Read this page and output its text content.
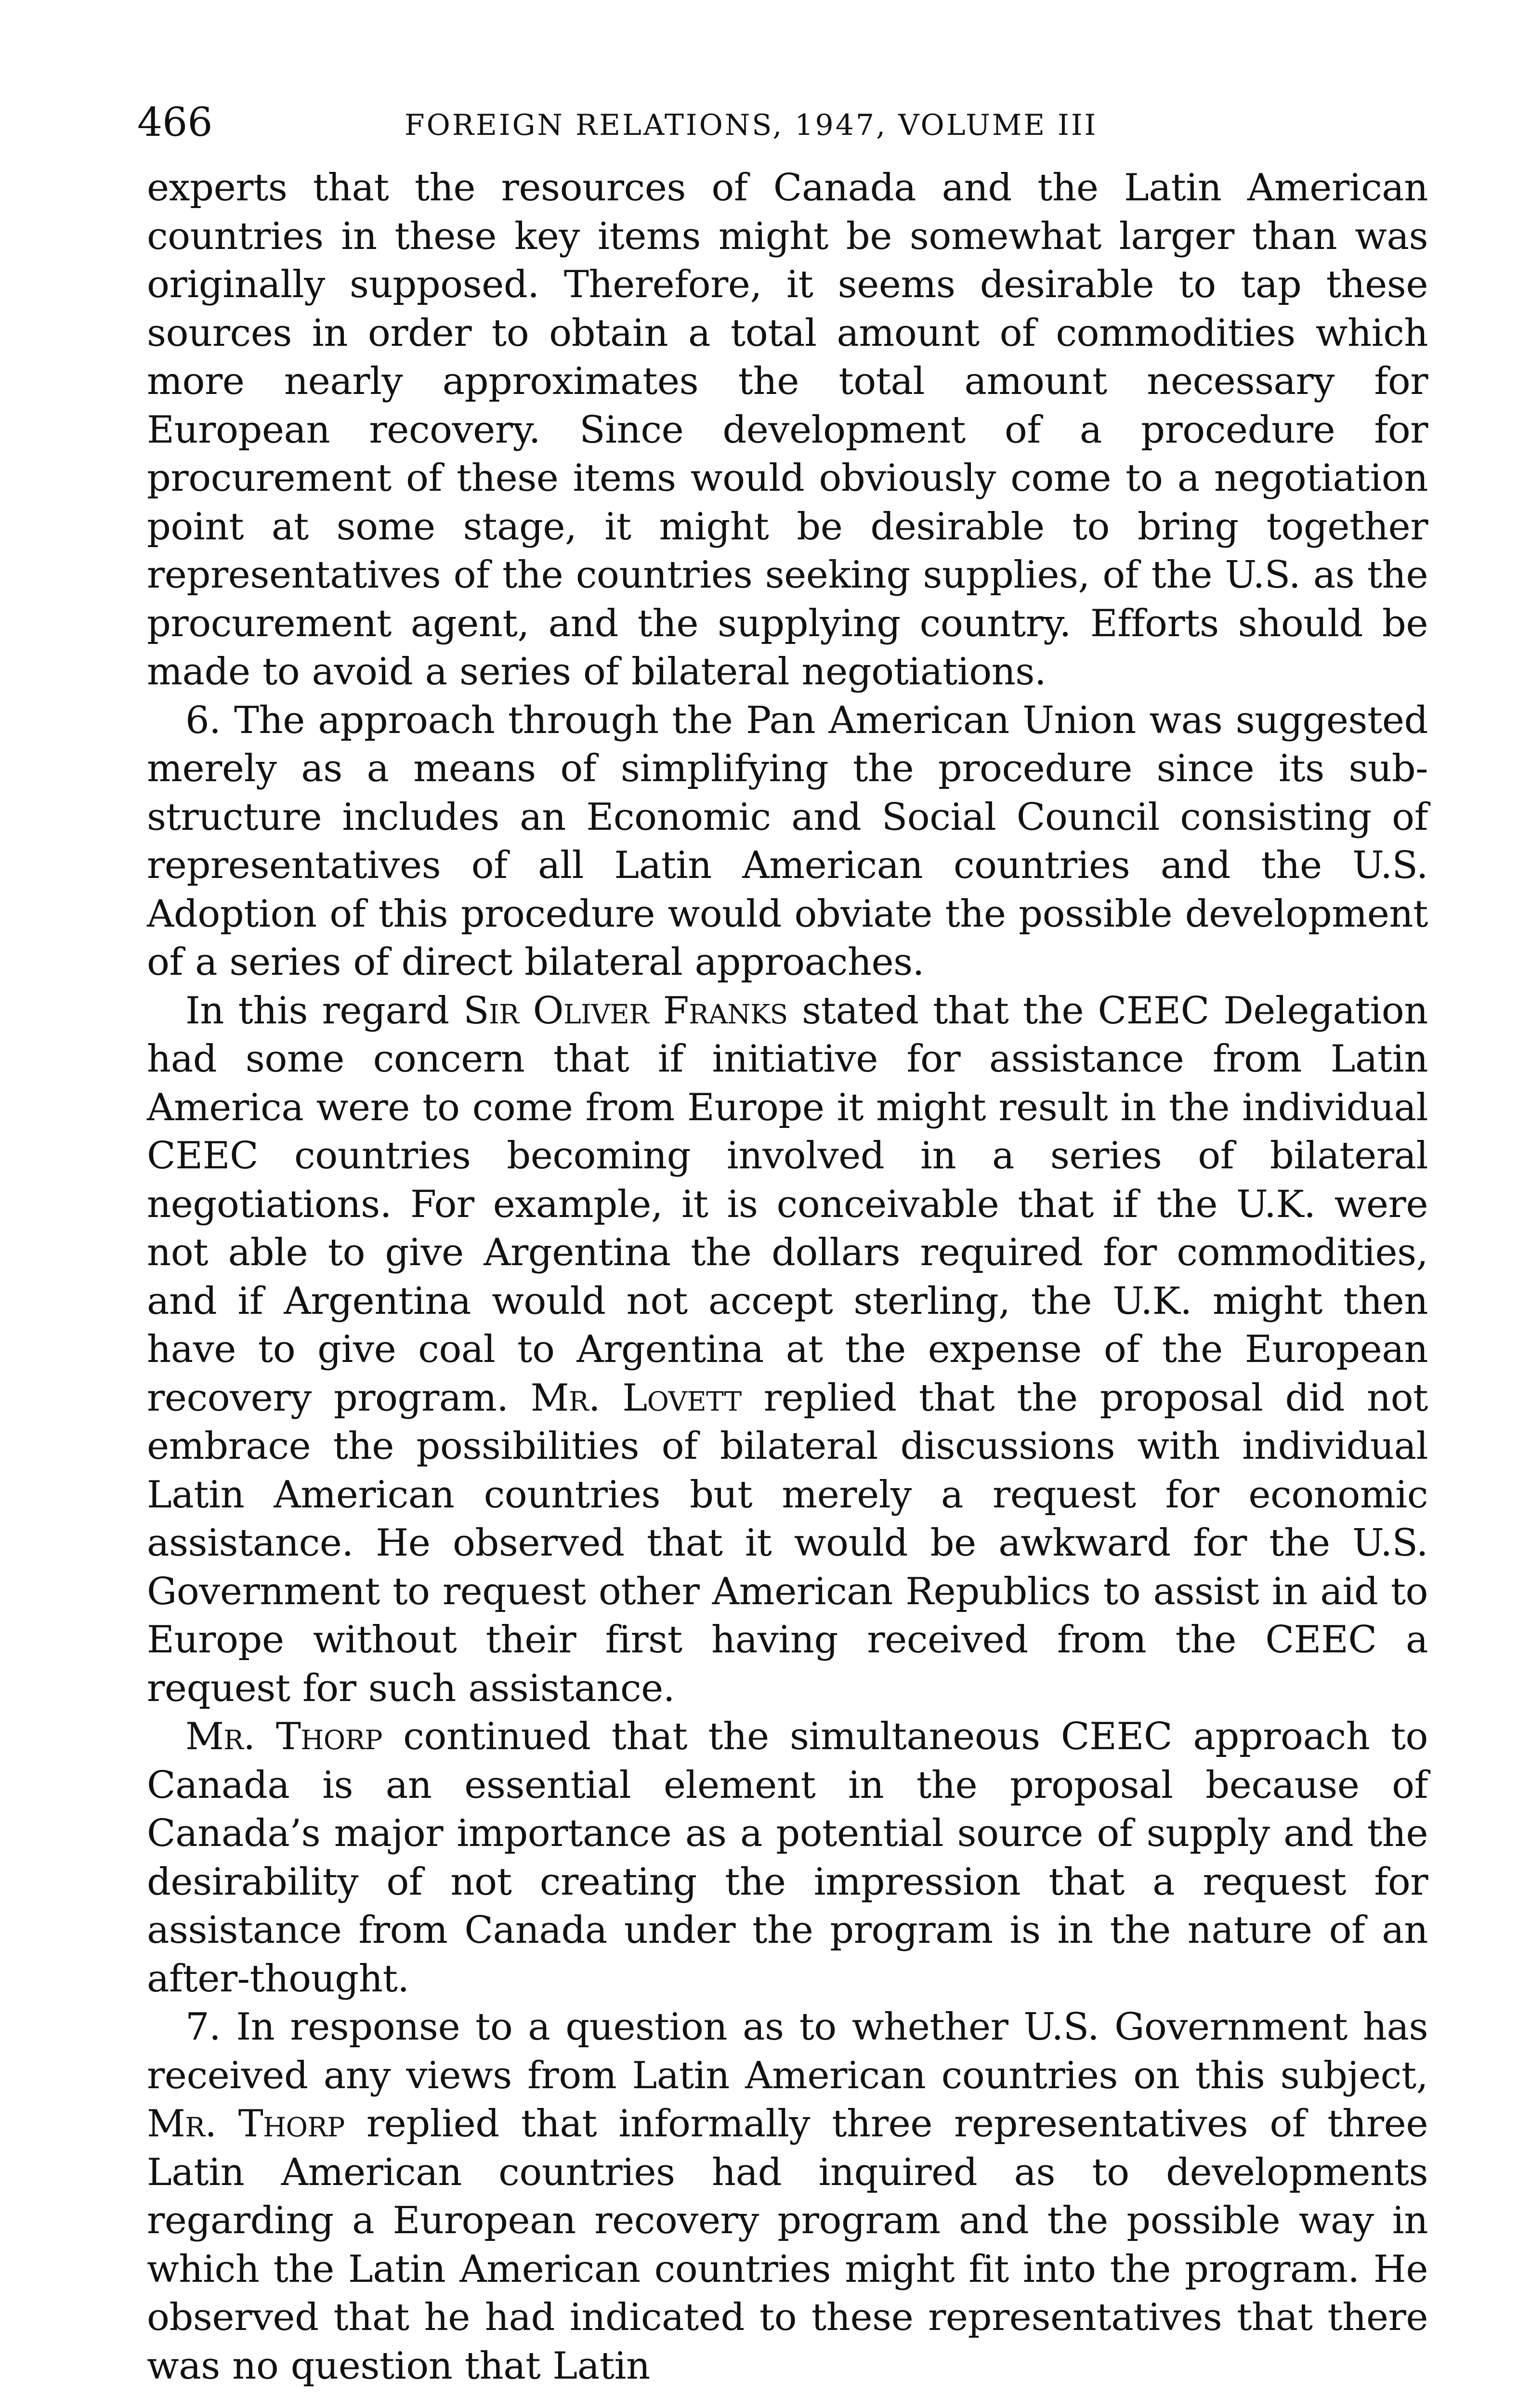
466	FOREIGN RELATIONS, 1947, VOLUME III

experts that the resources of Canada and the Latin American countries in these key items might be somewhat larger than was originally supposed. Therefore, it seems desirable to tap these sources in order to obtain a total amount of commodities which more nearly approximates the total amount necessary for European recovery. Since development of a procedure for procurement of these items would obviously come to a negotiation point at some stage, it might be desirable to bring together representatives of the countries seeking supplies, of the U.S. as the procurement agent, and the supplying country. Efforts should be made to avoid a series of bilateral negotiations.

6. The approach through the Pan American Union was suggested merely as a means of simplifying the procedure since its sub-structure includes an Economic and Social Council consisting of representatives of all Latin American countries and the U.S. Adoption of this procedure would obviate the possible development of a series of direct bilateral approaches.

In this regard Sir Oliver Franks stated that the CEEC Delegation had some concern that if initiative for assistance from Latin America were to come from Europe it might result in the individual CEEC countries becoming involved in a series of bilateral negotiations. For example, it is conceivable that if the U.K. were not able to give Argentina the dollars required for commodities, and if Argentina would not accept sterling, the U.K. might then have to give coal to Argentina at the expense of the European recovery program. Mr. Lovett replied that the proposal did not embrace the possibilities of bilateral discussions with individual Latin American countries but merely a request for economic assistance. He observed that it would be awkward for the U.S. Government to request other American Republics to assist in aid to Europe without their first having received from the CEEC a request for such assistance.

Mr. Thorp continued that the simultaneous CEEC approach to Canada is an essential element in the proposal because of Canada’s major importance as a potential source of supply and the desirability of not creating the impression that a request for assistance from Canada under the program is in the nature of an after-thought.

7. In response to a question as to whether U.S. Government has received any views from Latin American countries on this subject, Mr. Thorp replied that informally three representatives of three Latin American countries had inquired as to developments regarding a European recovery program and the possible way in which the Latin American countries might fit into the program. He observed that he had indicated to these representatives that there was no question that Latin
